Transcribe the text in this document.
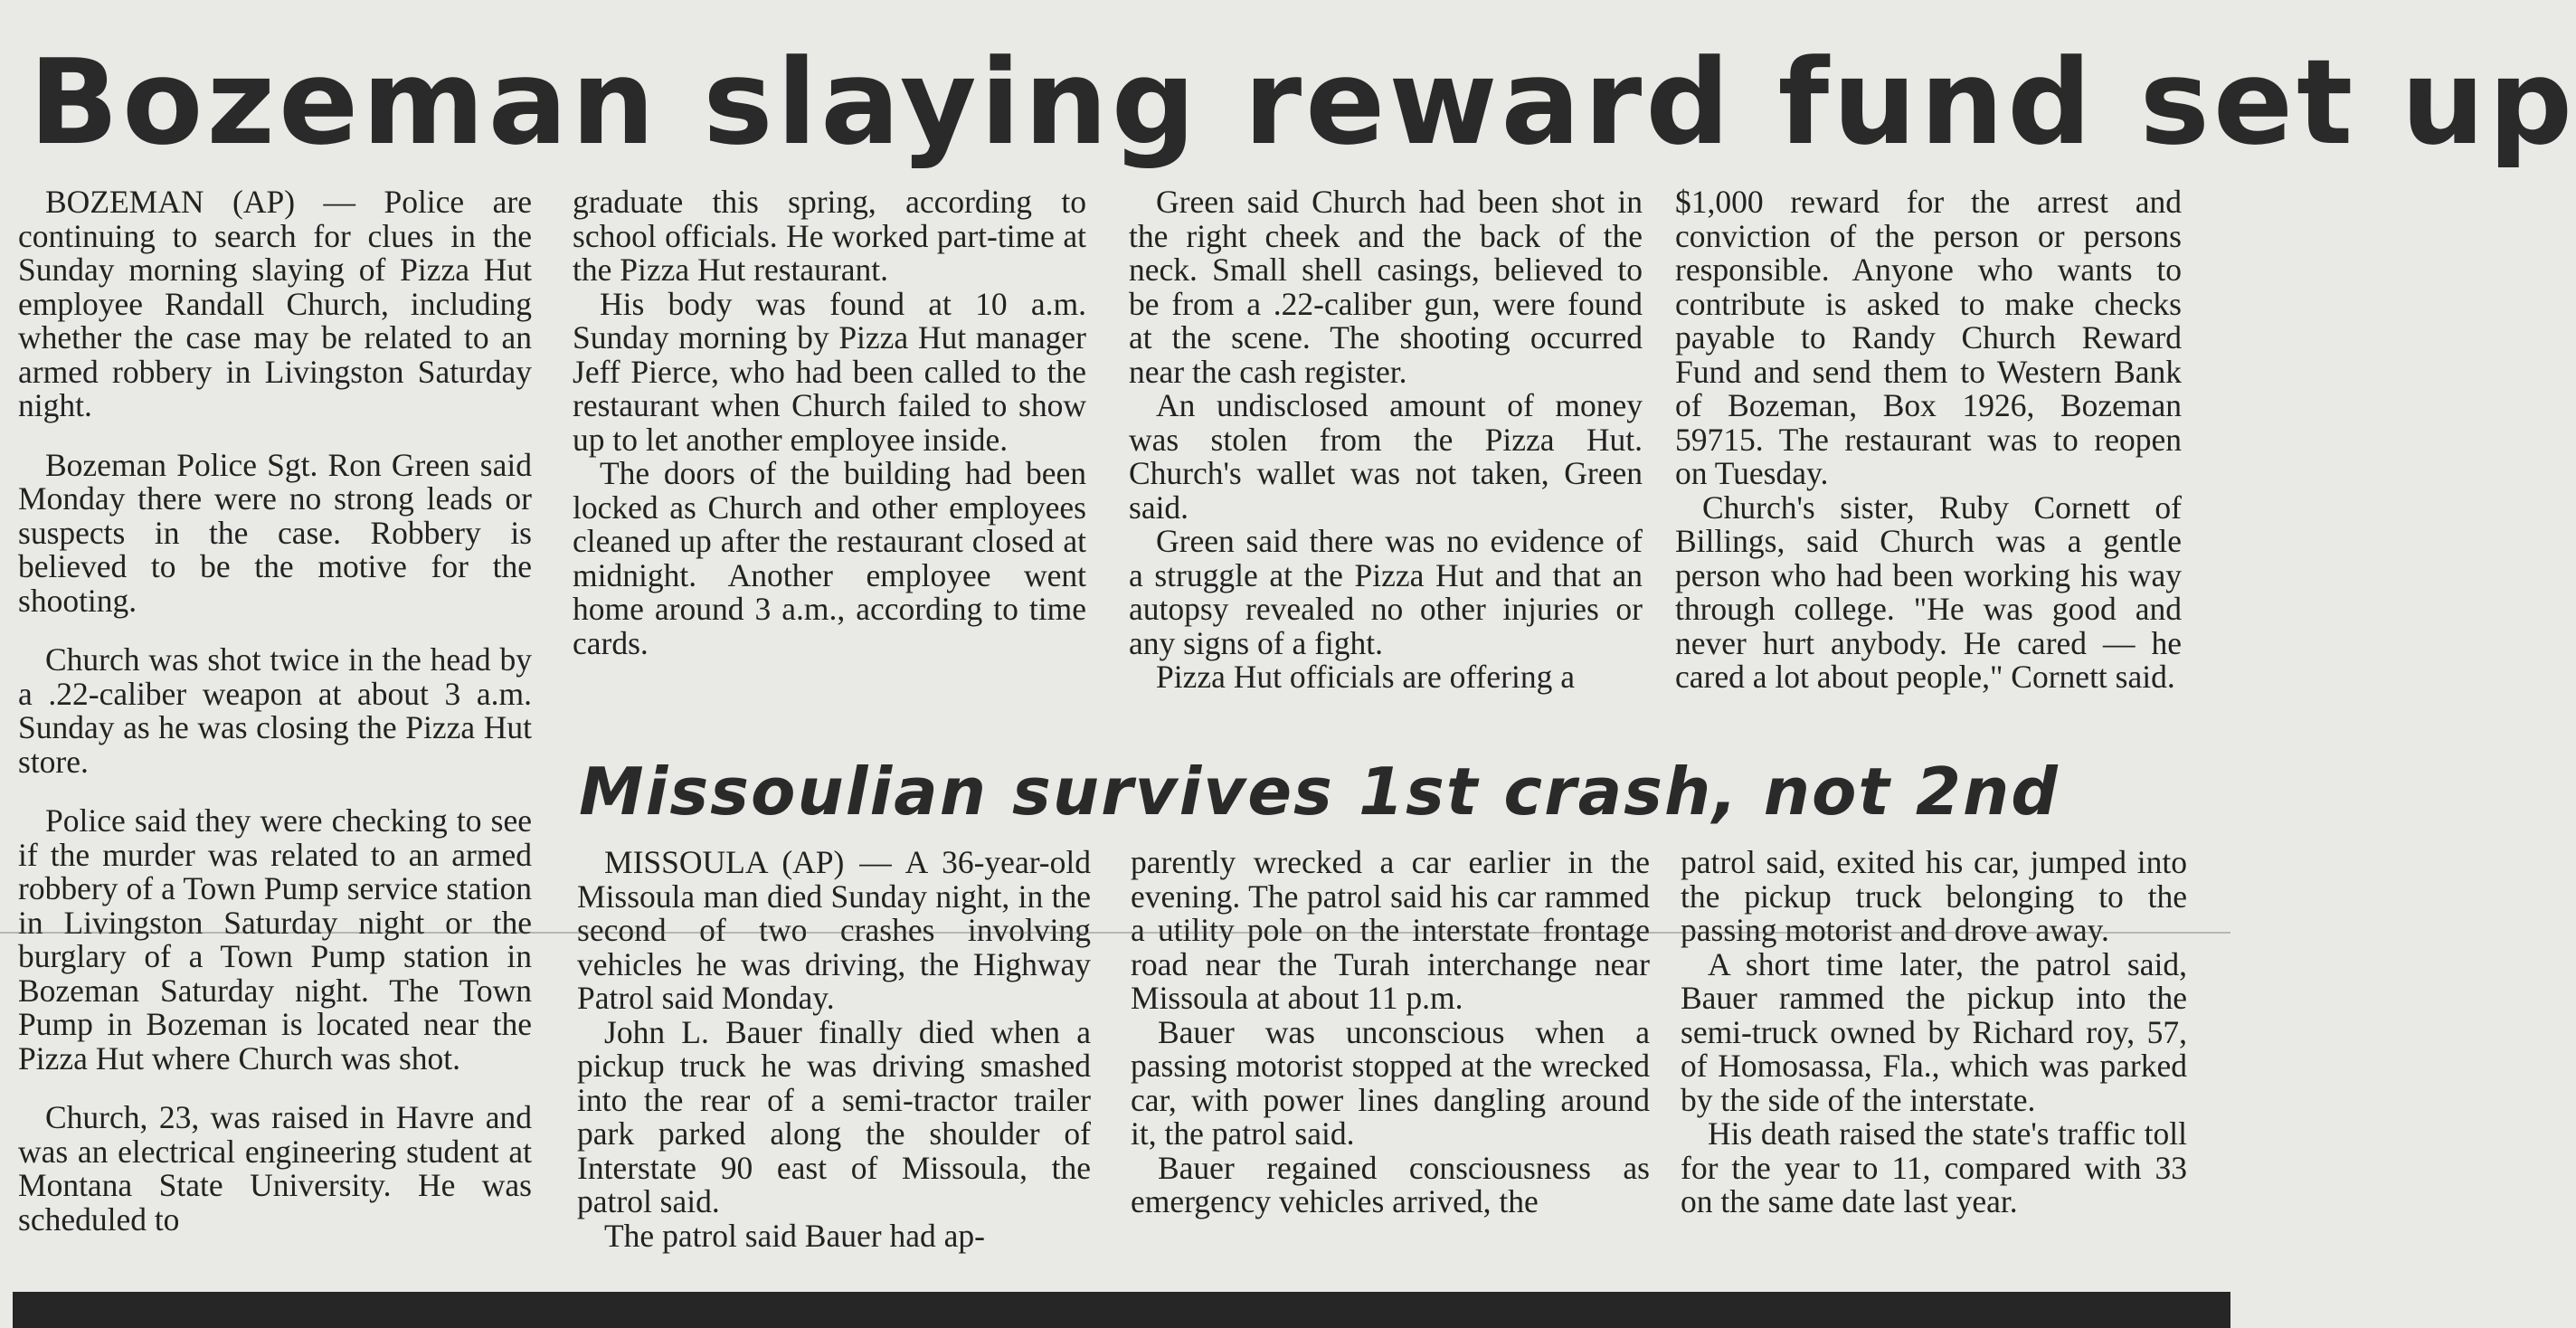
Bozeman slaying reward fund set up

BOZEMAN (AP) — Police are continuing to search for clues in the Sunday morning slaying of Pizza Hut employee Randall Church, including whether the case may be related to an armed robbery in Livingston Saturday night.

Bozeman Police Sgt. Ron Green said Monday there were no strong leads or suspects in the case. Robbery is believed to be the motive for the shooting.

Church was shot twice in the head by a .22-caliber weapon at about 3 a.m. Sunday as he was closing the Pizza Hut store.

Police said they were checking to see if the murder was related to an armed robbery of a Town Pump service station in Livingston Saturday night or the burglary of a Town Pump station in Bozeman Saturday night. The Town Pump in Bozeman is located near the Pizza Hut where Church was shot.

Church, 23, was raised in Havre and was an electrical engineering student at Montana State University. He was scheduled to

graduate this spring, according to school officials. He worked part-time at the Pizza Hut restaurant.

His body was found at 10 a.m. Sunday morning by Pizza Hut manager Jeff Pierce, who had been called to the restaurant when Church failed to show up to let another employee inside.

The doors of the building had been locked as Church and other employees cleaned up after the restaurant closed at midnight. Another employee went home around 3 a.m., according to time cards.

Green said Church had been shot in the right cheek and the back of the neck. Small shell casings, believed to be from a .22-caliber gun, were found at the scene. The shooting occurred near the cash register.

An undisclosed amount of money was stolen from the Pizza Hut. Church's wallet was not taken, Green said.

Green said there was no evidence of a struggle at the Pizza Hut and that an autopsy revealed no other injuries or any signs of a fight.

Pizza Hut officials are offering a

$1,000 reward for the arrest and conviction of the person or persons responsible. Anyone who wants to contribute is asked to make checks payable to Randy Church Reward Fund and send them to Western Bank of Bozeman, Box 1926, Bozeman 59715. The restaurant was to reopen on Tuesday.

Church's sister, Ruby Cornett of Billings, said Church was a gentle person who had been working his way through college. "He was good and never hurt anybody. He cared — he cared a lot about people," Cornett said.

Missoulian survives 1st crash, not 2nd

MISSOULA (AP) — A 36-year-old Missoula man died Sunday night, in the second of two crashes involving vehicles he was driving, the Highway Patrol said Monday.

John L. Bauer finally died when a pickup truck he was driving smashed into the rear of a semi-tractor trailer park parked along the shoulder of Interstate 90 east of Missoula, the patrol said.

The patrol said Bauer had ap-

parently wrecked a car earlier in the evening. The patrol said his car rammed a utility pole on the interstate frontage road near the Turah interchange near Missoula at about 11 p.m.

Bauer was unconscious when a passing motorist stopped at the wrecked car, with power lines dangling around it, the patrol said.

Bauer regained consciousness as emergency vehicles arrived, the

patrol said, exited his car, jumped into the pickup truck belonging to the passing motorist and drove away.

A short time later, the patrol said, Bauer rammed the pickup into the semi-truck owned by Richard roy, 57, of Homosassa, Fla., which was parked by the side of the interstate.

His death raised the state's traffic toll for the year to 11, compared with 33 on the same date last year.
